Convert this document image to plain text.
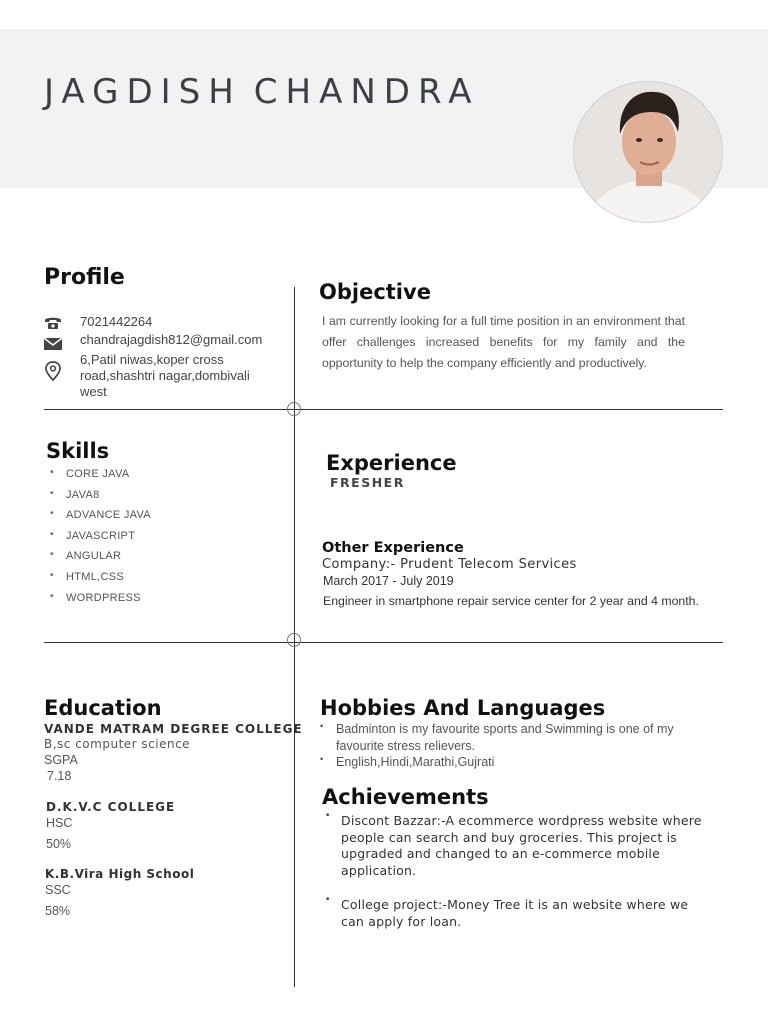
JAGDISH CHANDRA
Profile
7021442264
chandrajagdish812@gmail.com
6,Patil niwas,koper cross road,shashtri nagar,dombivali west
Objective
I am currently looking for a full time position in an environment that offer challenges increased benefits for my family and the opportunity to help the company efficiently and productively.
Skills
• CORE JAVA
• JAVA8
• ADVANCE JAVA
• JAVASCRIPT
• ANGULAR
• HTML,CSS
• WORDPRESS
Experience
FRESHER
Other Experience
Company:- Prudent Telecom Services
March 2017 - July 2019
Engineer in smartphone repair service center for 2 year and 4 month.
Education
VANDE MATRAM DEGREE COLLEGE
B,sc computer science
SGPA
7.18
D.K.V.C COLLEGE
HSC
50%
K.B.Vira High School
SSC
58%
Hobbies And Languages
• Badminton is my favourite sports and Swimming is one of my favourite stress relievers.
• English,Hindi,Marathi,Gujrati
Achievements
• Discont Bazzar:-A ecommerce wordpress website where people can search and buy groceries. This project is upgraded and changed to an e-commerce mobile application.
• College project:-Money Tree it is an website where we can apply for loan.
